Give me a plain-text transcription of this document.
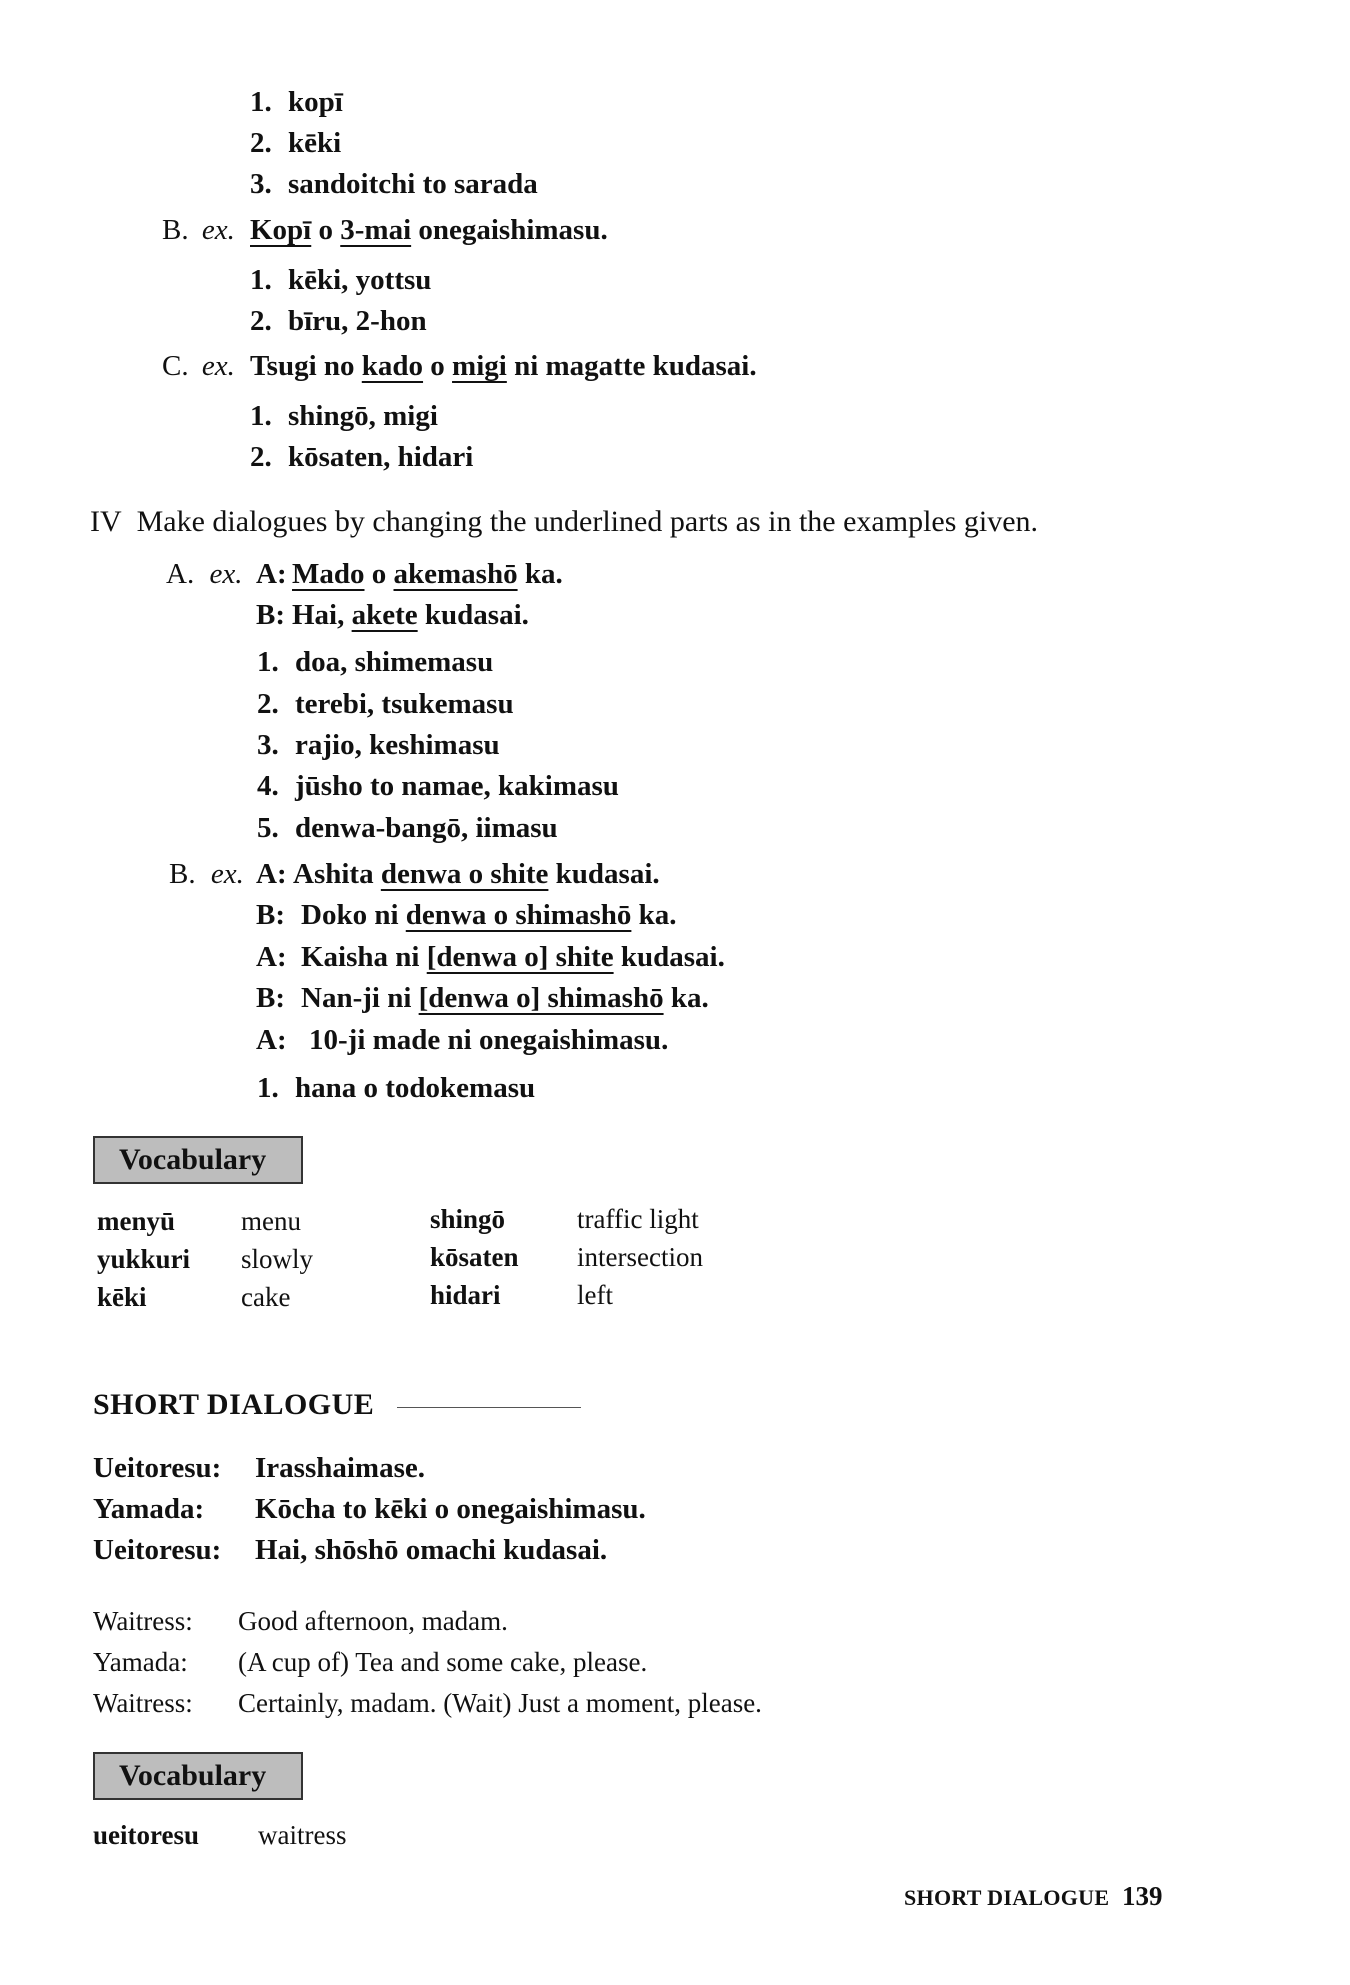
1. kopī
2. kēki
3. sandoitchi to sarada
B. ex. Kopī o 3-mai onegaishimasu.
1. kēki, yottsu
2. bīru, 2-hon
C. ex. Tsugi no kado o migi ni magatte kudasai.
1. shingō, migi
2. kōsaten, hidari
IV Make dialogues by changing the underlined parts as in the examples given.
A. ex. A: Mado o akemashō ka.
B: Hai, akete kudasai.
1. doa, shimemasu
2. terebi, tsukemasu
3. rajio, keshimasu
4. jūsho to namae, kakimasu
5. denwa-bangō, iimasu
B. ex. A: Ashita denwa o shite kudasai.
B: Doko ni denwa o shimashō ka.
A: Kaisha ni [denwa o] shite kudasai.
B: Nan-ji ni [denwa o] shimashō ka.
A: 10-ji made ni onegaishimasu.
1. hana o todokemasu
Vocabulary
menyū menu
yukkuri slowly
kēki	cake
shingō	traffic light
kōsaten intersection
hidari	left
SHORT DIALOGUE
Ueitoresu: Irasshaimase.
Yamada: Kōcha to kēki o onegaishimasu.
Ueitoresu: Hai, shōshō omachi kudasai.
Waitress: Good afternoon, madam.
Yamada: (A cup of) Tea and some cake, please.
Waitress: Certainly, madam. (Wait) Just a moment, please.
Vocabulary
ueitoresu waitress
SHORT DIALOGUE 139
